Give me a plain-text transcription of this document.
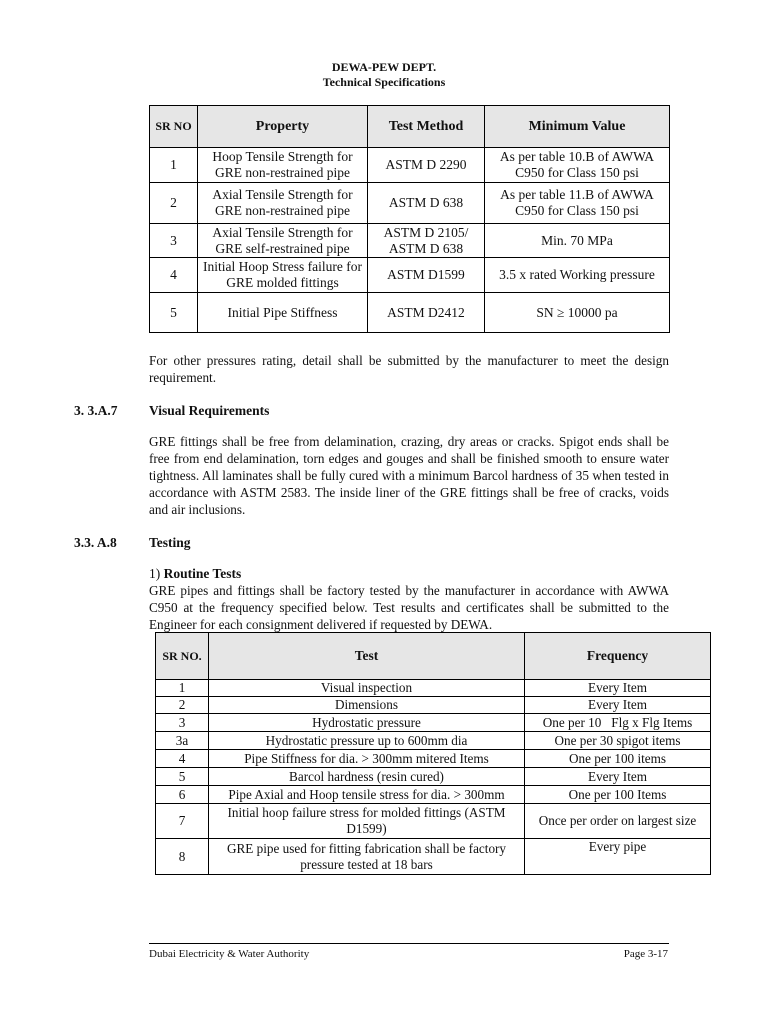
DEWA-PEW DEPT.
Technical Specifications
SR NO	Property	Test Method	Minimum Value
1	Hoop Tensile Strength for GRE non-restrained pipe	ASTM D 2290	As per table 10.B of AWWA C950 for Class 150 psi
2	Axial Tensile Strength for GRE non-restrained pipe	ASTM D 638	As per table 11.B of AWWA C950 for Class 150 psi
3	Axial Tensile Strength for GRE self-restrained pipe	ASTM D 2105/ ASTM D 638	Min. 70 MPa
4	Initial Hoop Stress failure for GRE molded fittings	ASTM D1599	3.5 x rated Working pressure
5	Initial Pipe Stiffness	ASTM D2412	SN ≥ 10000 pa
For other pressures rating, detail shall be submitted by the manufacturer to meet the design requirement.
3. 3.A.7 Visual Requirements
GRE fittings shall be free from delamination, crazing, dry areas or cracks. Spigot ends shall be free from end delamination, torn edges and gouges and shall be finished smooth to ensure water tightness. All laminates shall be fully cured with a minimum Barcol hardness of 35 when tested in accordance with ASTM 2583. The inside liner of the GRE fittings shall be free of cracks, voids and air inclusions.
3.3. A.8 Testing
1) Routine Tests
GRE pipes and fittings shall be factory tested by the manufacturer in accordance with AWWA C950 at the frequency specified below. Test results and certificates shall be submitted to the Engineer for each consignment delivered if requested by DEWA.
SR NO.	Test	Frequency
1	Visual inspection	Every Item
2	Dimensions	Every Item
3	Hydrostatic pressure	One per 10   Flg x Flg Items
3a	Hydrostatic pressure up to 600mm dia	One per 30 spigot items
4	Pipe Stiffness for dia. > 300mm mitered Items	One per 100 items
5	Barcol hardness (resin cured)	Every Item
6	Pipe Axial and Hoop tensile stress for dia. > 300mm	One per 100 Items
7	Initial hoop failure stress for molded fittings (ASTM D1599)	Once per order on largest size
8	GRE pipe used for fitting fabrication shall be factory pressure tested at 18 bars	Every pipe
Dubai Electricity & Water Authority	Page 3-17
